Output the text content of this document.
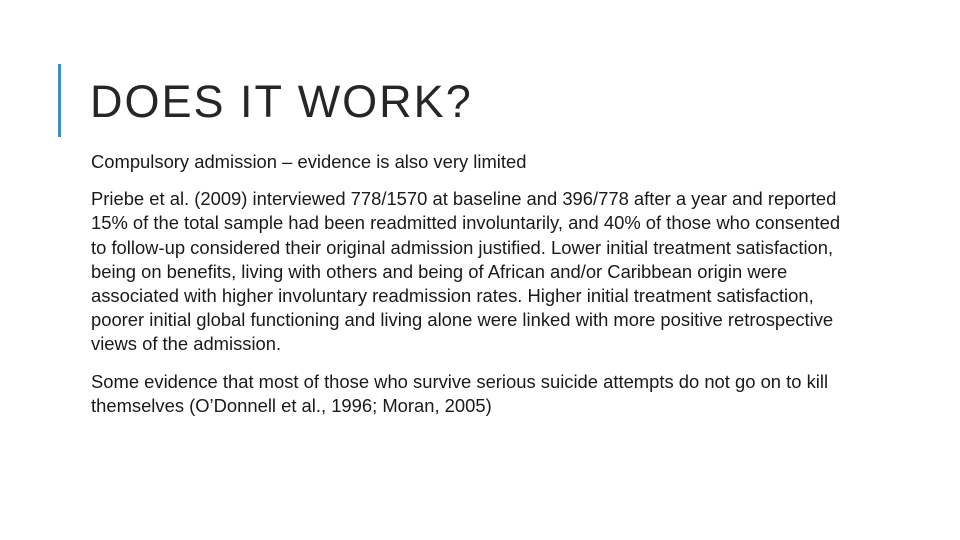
DOES IT WORK?

Compulsory admission – evidence is also very limited

Priebe et al. (2009) interviewed 778/1570 at baseline and 396/778 after a year and reported 15% of the total sample had been readmitted involuntarily, and 40% of those who consented to follow-up considered their original admission justified. Lower initial treatment satisfaction, being on benefits, living with others and being of African and/or Caribbean origin were associated with higher involuntary readmission rates. Higher initial treatment satisfaction, poorer initial global functioning and living alone were linked with more positive retrospective views of the admission.

Some evidence that most of those who survive serious suicide attempts do not go on to kill themselves (O’Donnell et al., 1996; Moran, 2005)
